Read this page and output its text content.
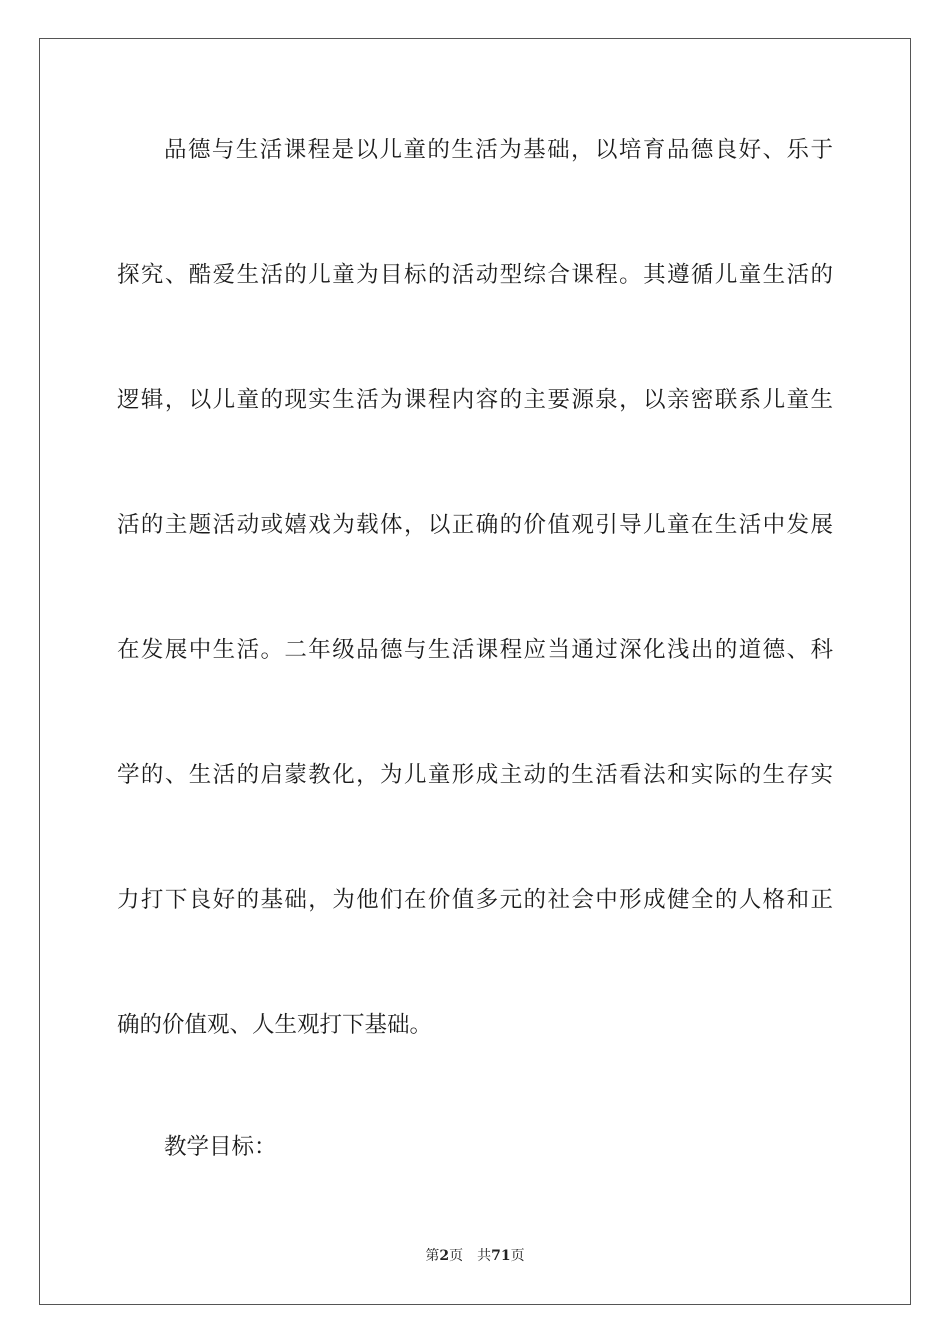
品德与生活课程是以儿童的生活为基础，以培育品德良好、乐于
探究、酷爱生活的儿童为目标的活动型综合课程。其遵循儿童生活的
逻辑，以儿童的现实生活为课程内容的主要源泉，以亲密联系儿童生
活的主题活动或嬉戏为载体，以正确的价值观引导儿童在生活中发展
在发展中生活。二年级品德与生活课程应当通过深化浅出的道德、科
学的、生活的启蒙教化，为儿童形成主动的生活看法和实际的生存实
力打下良好的基础，为他们在价值多元的社会中形成健全的人格和正
确的价值观、人生观打下基础。
教学目标：
第2页 共71页
